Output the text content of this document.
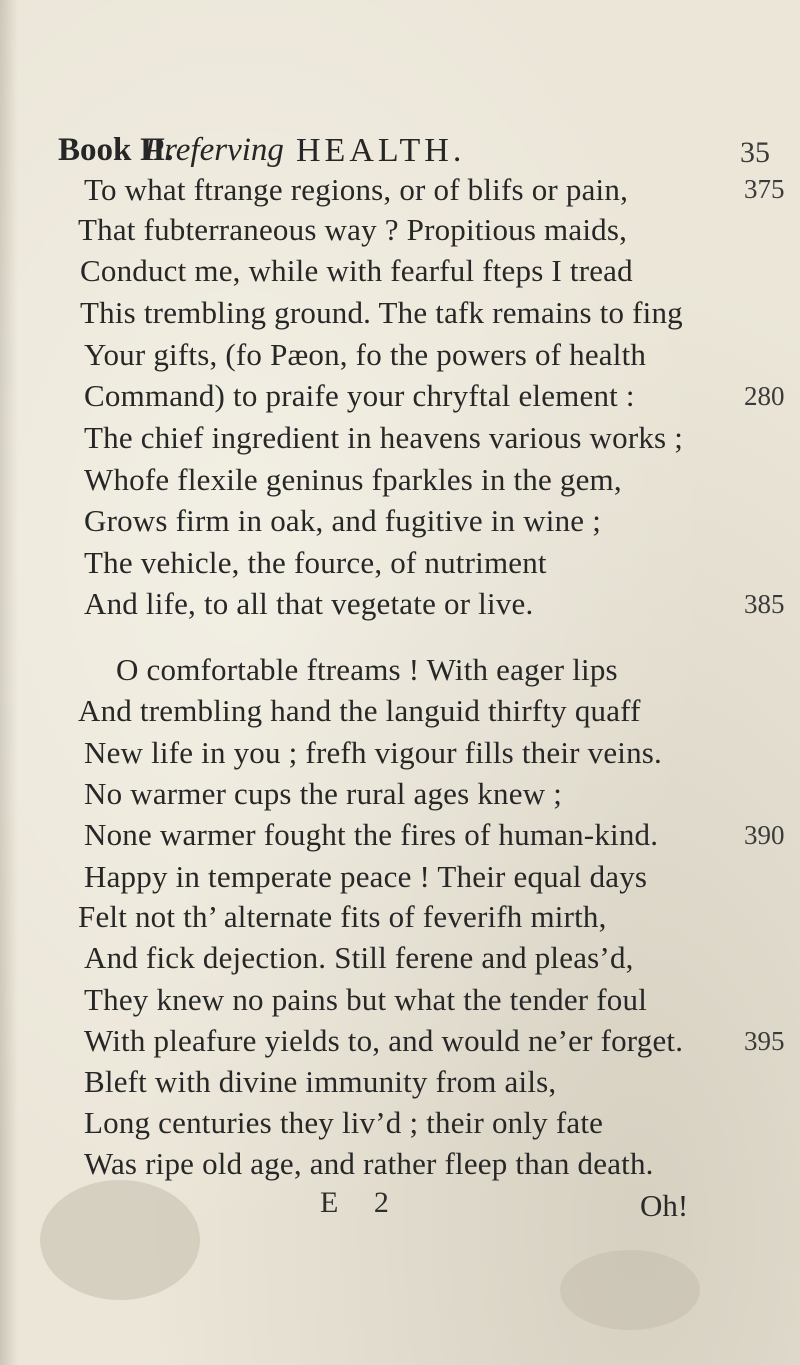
Book II.
Preferving HEALTH.	35
To what ftrange regions, or of blifs or pain,
That fubterraneous way ? Propitious maids,
Conduct me, while with fearful fteps I tread
This trembling ground. The tafk remains to fing
Your gifts, (fo Pæon, fo the powers of health
Command) to praife your chryftal element :
The chief ingredient in heavens various works ;
Whofe flexile geninus fparkles in the gem,
Grows firm in oak, and fugitive in wine ;
The vehicle, the fource, of nutriment
And life, to all that vegetate or live.
O comfortable ftreams ! With eager lips
And trembling hand the languid thirfty quaff
New life in you ; frefh vigour fills their veins.
No warmer cups the rural ages knew ;
None warmer fought the fires of human-kind.
Happy in temperate peace ! Their equal days
Felt not th’ alternate fits of feverifh mirth,
And fick dejection. Still ferene and pleas’d,
They knew no pains but what the tender foul
With pleafure yields to, and would ne’er forget.
Bleft with divine immunity from ails,
Long centuries they liv’d ; their only fate
Was ripe old age, and rather fleep than death.
375
280
385
390
395
E 2	Oh!
